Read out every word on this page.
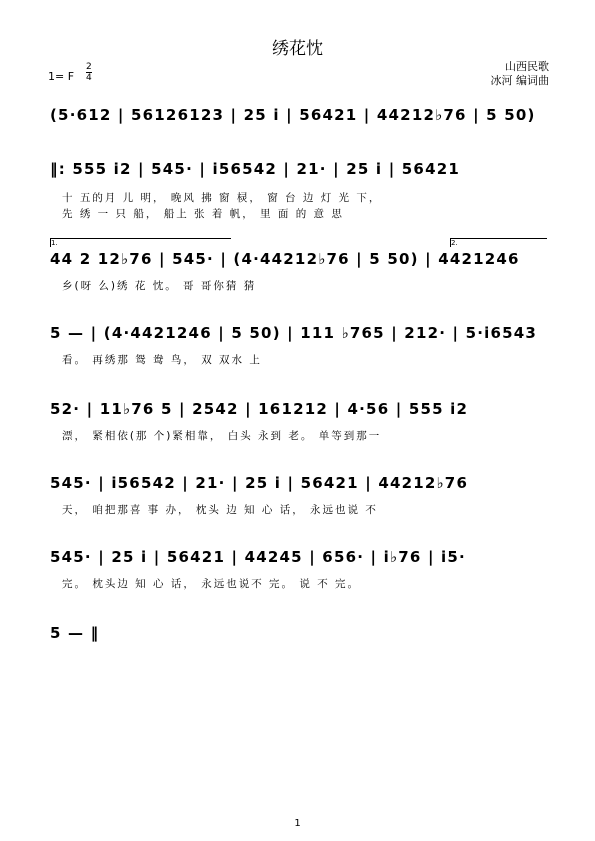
绣花忱
1= F
2
4
山西民歌
冰河 编词曲
(5·612 | 56126123 | 25 i | 56421 | 44212♭76 | 5 50)
‖: 555 i2 | 545· | i56542 | 21· | 25 i | 56421
十 五的月 儿 明， 晚风 拂 窗 棂， 窗 台 边 灯 光 下，
先 绣 一 只 船， 船上 张 着 帆， 里 面 的 意 思
1.	2.
44 2 12♭76 | 545· | (4·44212♭76 | 5 50) | 4421246
乡(呀 么)绣 花 忱。 哥 哥你猜 猜
5 — | (4·4421246 | 5 50) | 111 ♭765 | 212· | 5·i6543
看。 再绣那 鸳 鸯 鸟， 双 双水 上
52· | 11♭76 5 | 2542 | 161212 | 4·56 | 555 i2
漂， 紧相依(那 个)紧相靠， 白头 永到 老。 单等到那一
545· | i56542 | 21· | 25 i | 56421 | 44212♭76
天， 咱把那喜 事 办， 枕头 边 知 心 话， 永远也说 不
545· | 25 i | 56421 | 44245 | 656· | i♭76 | i5·
完。 枕头边 知 心 话， 永远也说不 完。 说 不 完。
5 — ‖
1
